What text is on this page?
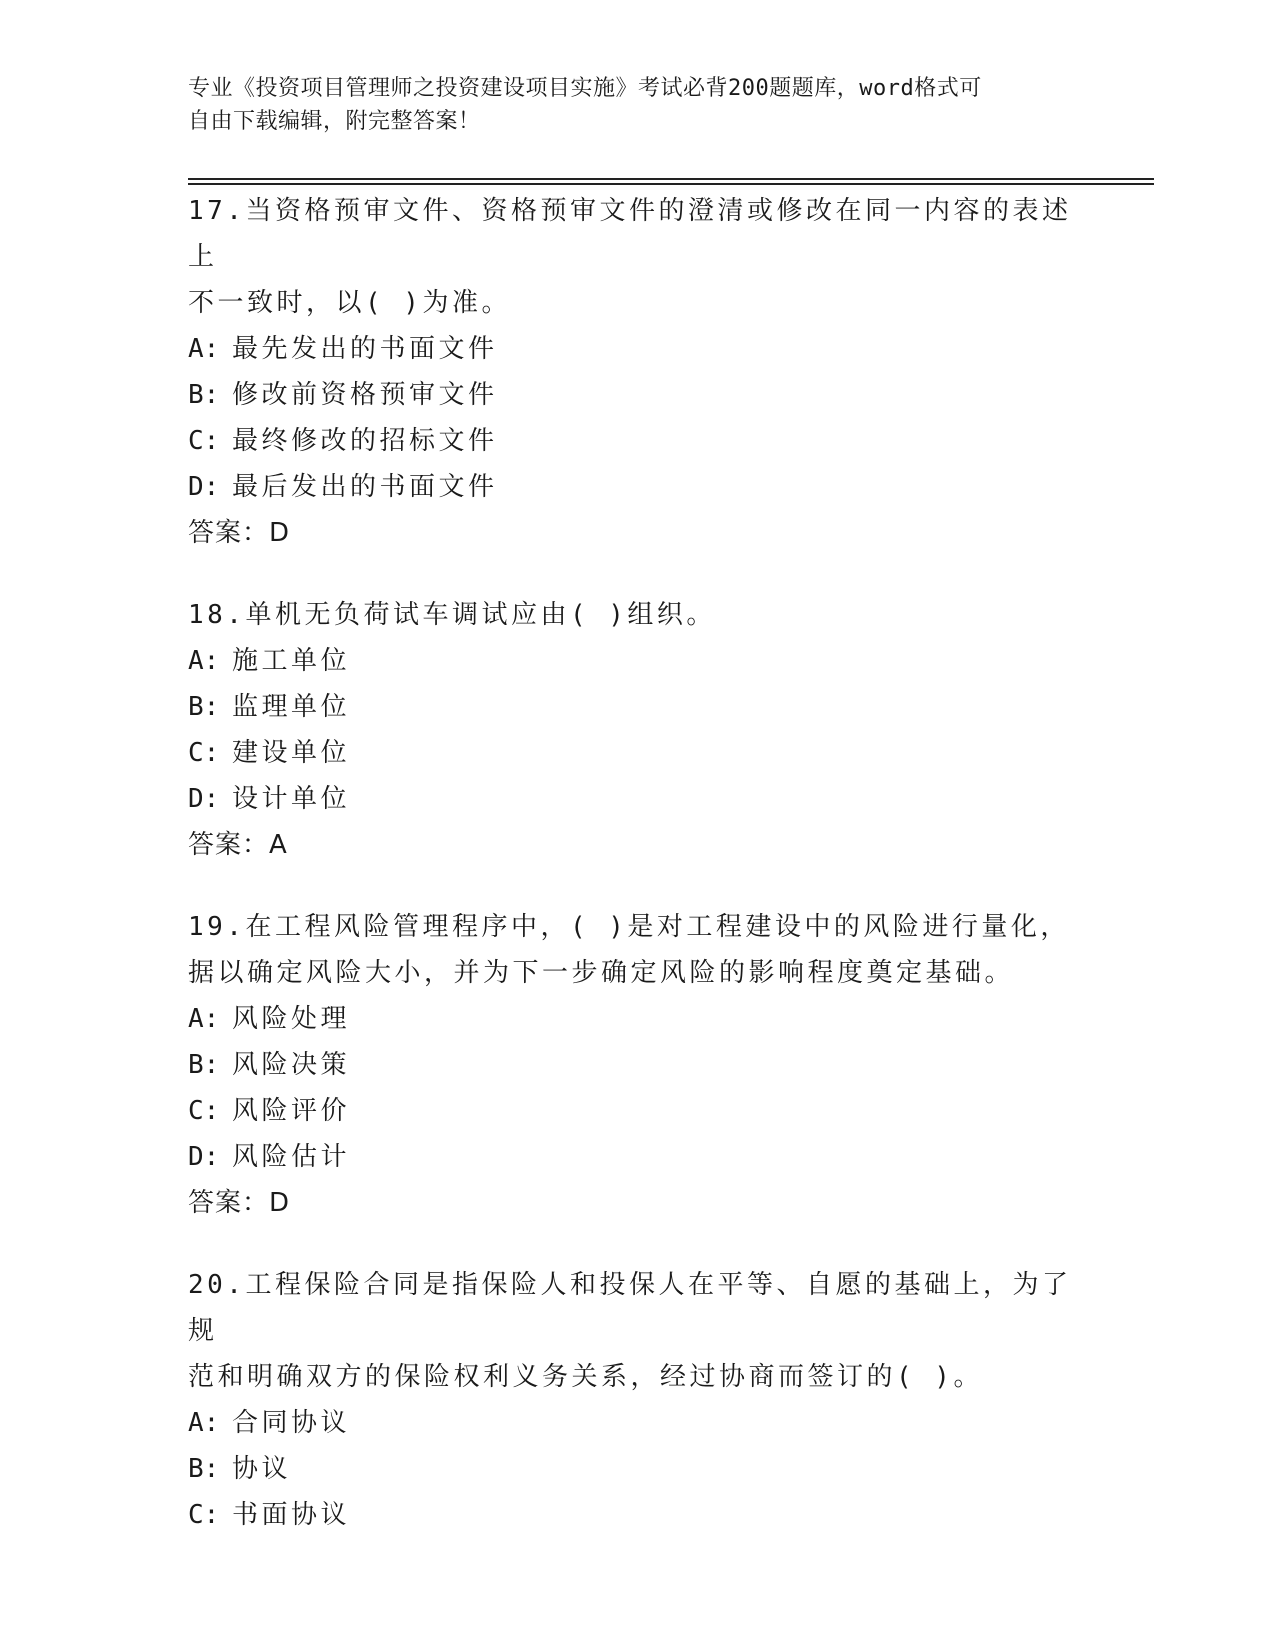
专业《投资项目管理师之投资建设项目实施》考试必背200题题库，word格式可
自由下载编辑，附完整答案！
17.当资格预审文件、资格预审文件的澄清或修改在同一内容的表述上
不一致时，以( )为准。
A: 最先发出的书面文件
B: 修改前资格预审文件
C: 最终修改的招标文件
D: 最后发出的书面文件
答案：D
18.单机无负荷试车调试应由( )组织。
A: 施工单位
B: 监理单位
C: 建设单位
D: 设计单位
答案：A
19.在工程风险管理程序中，( )是对工程建设中的风险进行量化，
据以确定风险大小，并为下一步确定风险的影响程度奠定基础。
A: 风险处理
B: 风险决策
C: 风险评价
D: 风险估计
答案：D
20.工程保险合同是指保险人和投保人在平等、自愿的基础上，为了规
范和明确双方的保险权利义务关系，经过协商而签订的( )。
A: 合同协议
B: 协议
C: 书面协议
